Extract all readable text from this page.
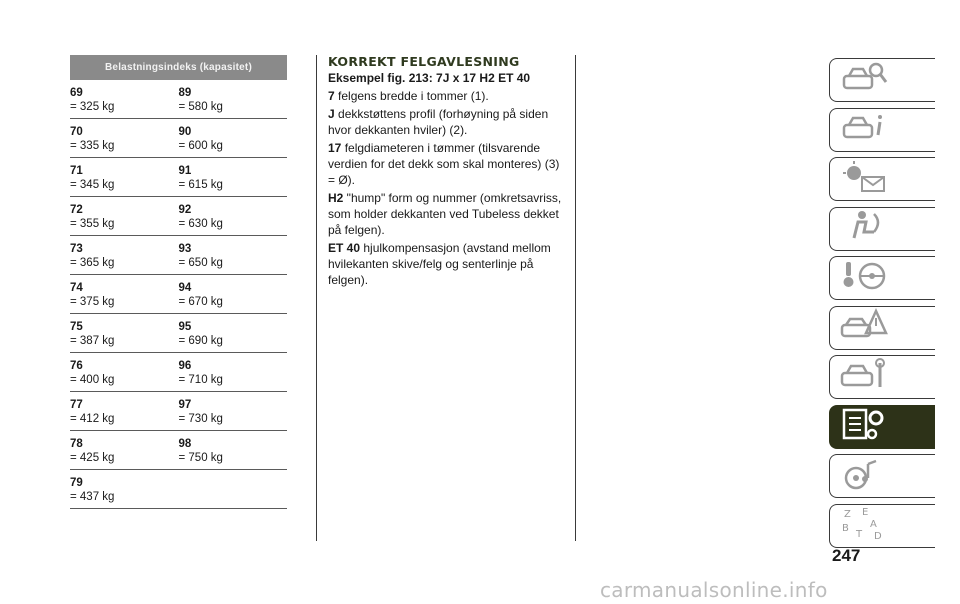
Belastningsindeks (kapasitet)
69
= 325 kg
89
= 580 kg
70
= 335 kg
90
= 600 kg
71
= 345 kg
91
= 615 kg
72
= 355 kg
92
= 630 kg
73
= 365 kg
93
= 650 kg
74
= 375 kg
94
= 670 kg
75
= 387 kg
95
= 690 kg
76
= 400 kg
96
= 710 kg
77
= 412 kg
97
= 730 kg
78
= 425 kg
98
= 750 kg
79
= 437 kg
KORREKT FELGAVLESNING
Eksempel fig. 213: 7J x 17 H2 ET 40

7 felgens bredde i tommer (1).

J dekkstøttens profil (forhøyning på siden hvor dekkanten hviler) (2).

17 felgdiameteren i tømmer (tilsvarende verdien for det dekk som skal monteres) (3) = Ø).

H2 "hump" form og nummer (omkretsavriss, som holder dekkanten ved Tubeless dekket på felgen).

ET 40 hjulkompensasjon (avstand mellom hvilekanten skive/felg og senterlinje på felgen).

Z E
B A
T D
247
carmanualsonline.info
